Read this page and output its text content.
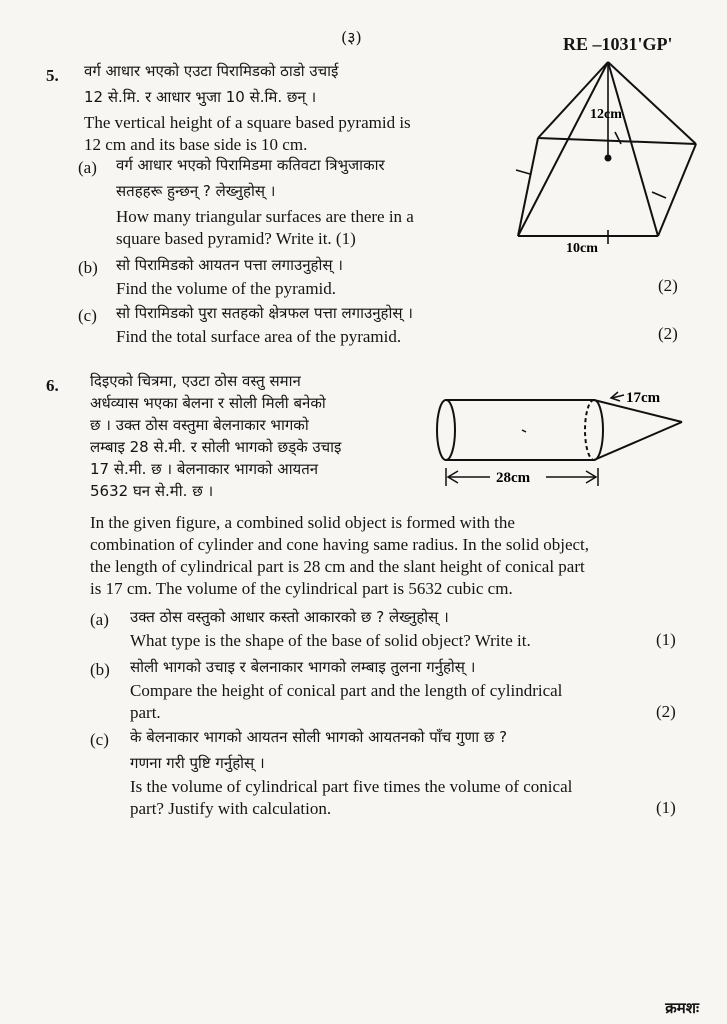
(३)	RE –1031'GP'
5. वर्ग आधार भएको एउटा पिरामिडको ठाडो उचाई
12 से.मि. र आधार भुजा 10 से.मि. छन् ।
The vertical height of a square based pyramid is
12 cm and its base side is 10 cm.
(a) वर्ग आधार भएको पिरामिडमा कतिवटा त्रिभुजाकार
सतहहरू हुन्छन् ? लेख्नुहोस् ।
How many triangular surfaces are there in a
square based pyramid? Write it. (1)
(b) सो पिरामिडको आयतन पत्ता लगाउनुहोस् ।
Find the volume of the pyramid.	(2)
(c) सो पिरामिडको पुरा सतहको क्षेत्रफल पत्ता लगाउनुहोस् ।
Find the total surface area of the pyramid.	(2)
12cm
10cm
6. दिइएको चित्रमा, एउटा ठोस वस्तु समान
अर्धव्यास भएका बेलना र सोली मिली बनेको
छ । उक्त ठोस वस्तुमा बेलनाकार भागको
लम्बाइ 28 से.मी. र सोली भागको छड्के उचाइ
17 से.मी. छ । बेलनाकार भागको आयतन
5632 घन से.मी. छ ।
17cm
28cm
In the given figure, a combined solid object is formed with the
combination of cylinder and cone having same radius. In the solid object,
the length of cylindrical part is 28 cm and the slant height of conical part
is 17 cm. The volume of the cylindrical part is 5632 cubic cm.
(a) उक्त ठोस वस्तुको आधार कस्तो आकारको छ ? लेख्नुहोस् ।
What type is the shape of the base of solid object? Write it.	(1)
(b) सोली भागको उचाइ र बेलनाकार भागको लम्बाइ तुलना गर्नुहोस् ।
Compare the height of conical part and the length of cylindrical
part.	(2)
(c) के बेलनाकार भागको आयतन सोली भागको आयतनको पाँच गुणा छ ?
गणना गरी पुष्टि गर्नुहोस् ।
Is the volume of cylindrical part five times the volume of conical
part? Justify with calculation.	(1)
क्रमशः
